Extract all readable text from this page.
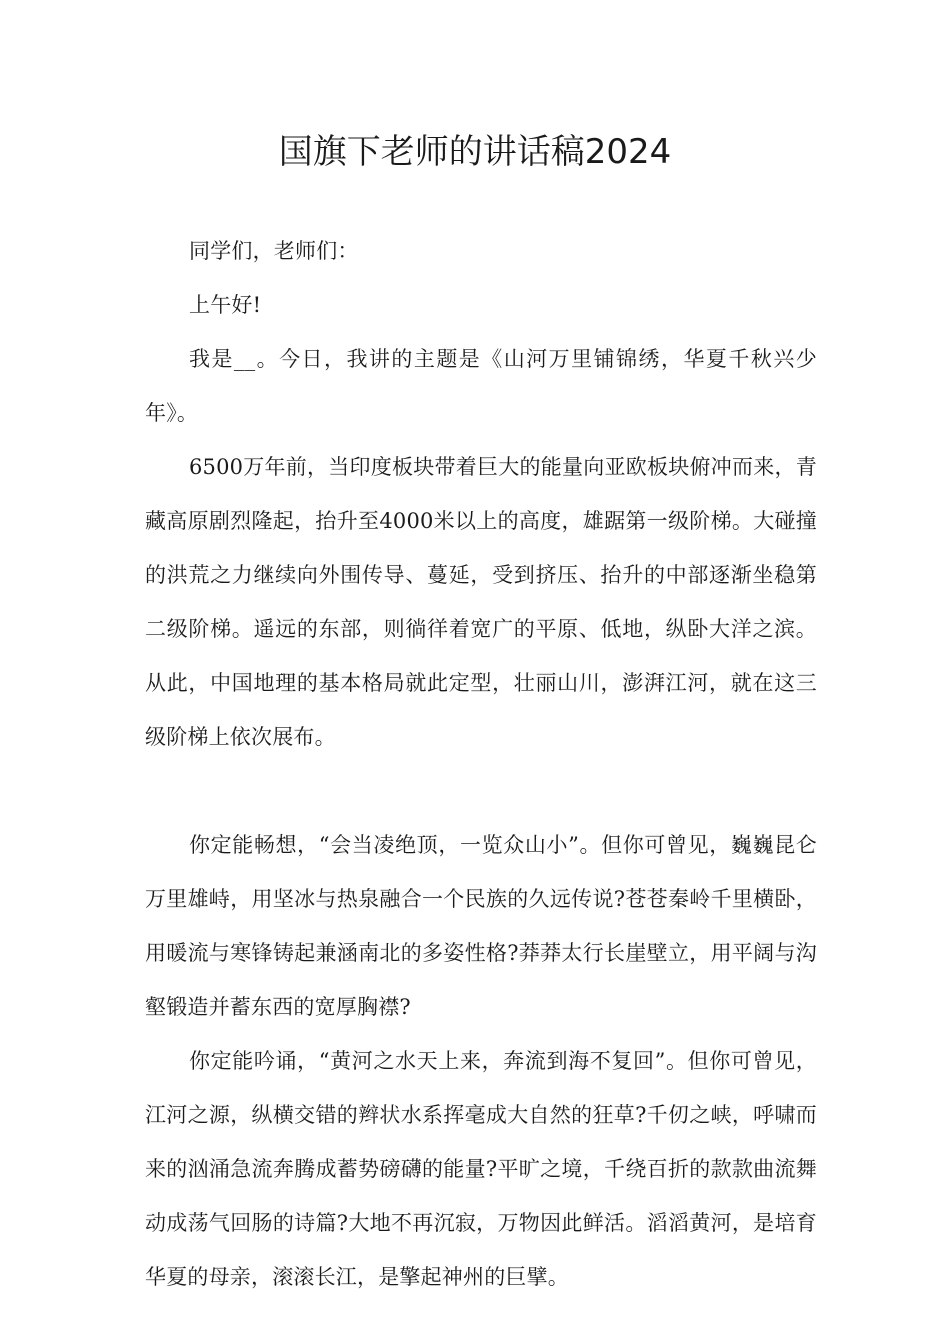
国旗下老师的讲话稿2024

同学们，老师们：

上午好!

我是__。今日，我讲的主题是《山河万里铺锦绣，华夏千秋兴少年》。

6500万年前，当印度板块带着巨大的能量向亚欧板块俯冲而来，青藏高原剧烈隆起，抬升至4000米以上的高度，雄踞第一级阶梯。大碰撞的洪荒之力继续向外围传导、蔓延，受到挤压、抬升的中部逐渐坐稳第二级阶梯。遥远的东部，则徜徉着宽广的平原、低地，纵卧大洋之滨。从此，中国地理的基本格局就此定型，壮丽山川，澎湃江河，就在这三级阶梯上依次展布。

你定能畅想，“会当凌绝顶，一览众山小”。但你可曾见，巍巍昆仑万里雄峙，用坚冰与热泉融合一个民族的久远传说?苍苍秦岭千里横卧，用暖流与寒锋铸起兼涵南北的多姿性格?莽莽太行长崖壁立，用平阔与沟壑锻造并蓄东西的宽厚胸襟?

你定能吟诵，“黄河之水天上来，奔流到海不复回”。但你可曾见，江河之源，纵横交错的辫状水系挥毫成大自然的狂草?千仞之峡，呼啸而来的汹涌急流奔腾成蓄势磅礴的能量?平旷之境，千绕百折的款款曲流舞动成荡气回肠的诗篇?大地不再沉寂，万物因此鲜活。滔滔黄河，是培育华夏的母亲，滚滚长江，是擎起神州的巨擘。
